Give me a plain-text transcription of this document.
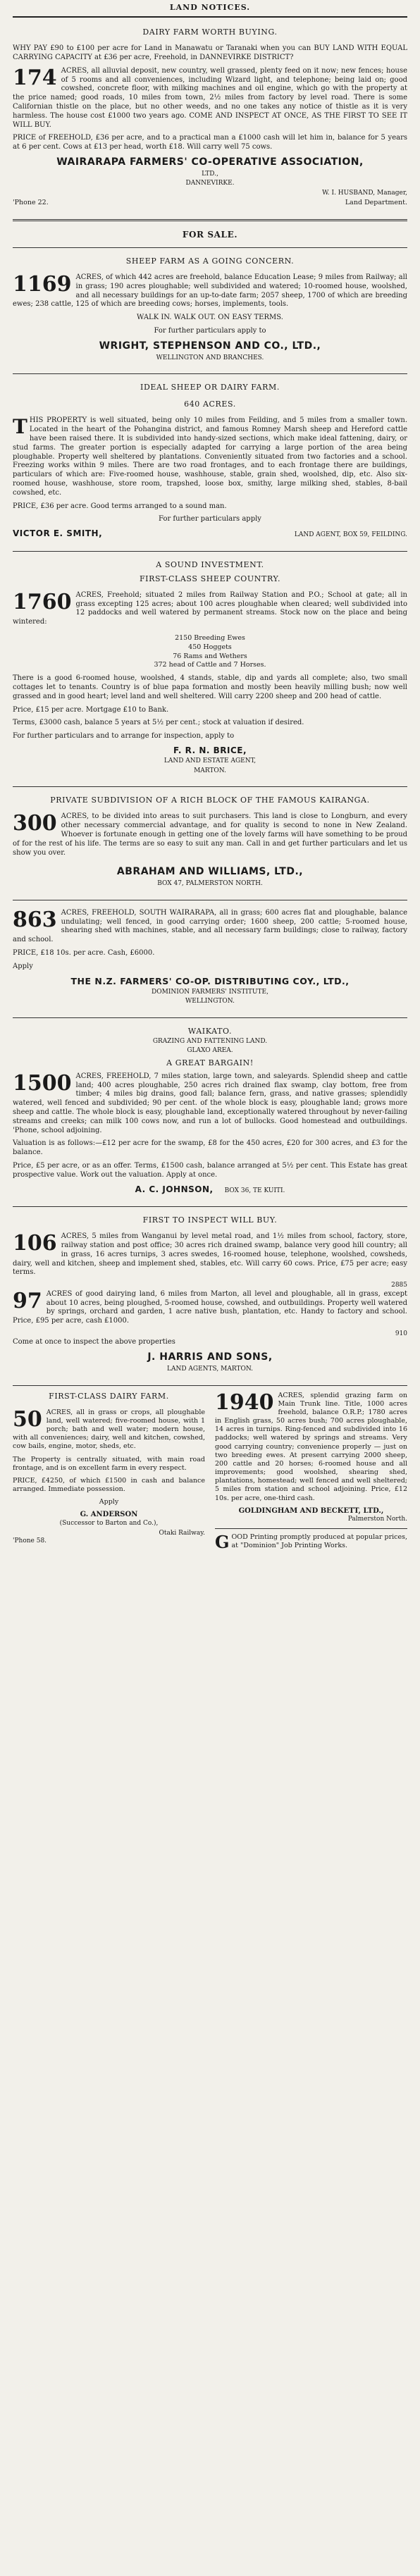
LAND NOTICES.
DAIRY FARM WORTH BUYING.

WHY PAY £90 to £100 per acre for Land in Manawatu or Taranaki when you can BUY LAND WITH EQUAL CARRYING CAPACITY at £36 per acre, Freehold, in DANNEVIRKE DISTRICT?

174 ACRES, all alluvial deposit, new country, well grassed, plenty feed on it now; new fences; house of 5 rooms and all conveniences, including Wizard light, and telephone; being laid on; good cowshed, concrete floor, with milking machines and oil engine, which go with the property at the price named; good roads, 10 miles from town, 2½ miles from factory by level road. There is some Californian thistle on the place, but no other weeds, and no one takes any notice of thistle as it is very harmless. The house cost £1000 two years ago. COME AND INSPECT AT ONCE, AS THE FIRST TO SEE IT WILL BUY.

PRICE of FREEHOLD, £36 per acre, and to a practical man a £1000 cash will let him in, balance for 5 years at 6 per cent. Cows at £13 per head, worth £18. Will carry well 75 cows.

WAIRARAPA FARMERS' CO-OPERATIVE ASSOCIATION,
LTD.,
DANNEVIRKE.
W. I. HUSBAND, Manager,
'Phone 22.	Land Department.
FOR SALE.
SHEEP FARM AS A GOING CONCERN.
1169 ACRES, of which 442 acres are freehold, balance Education Lease; 9 miles from Railway; all in grass; 190 acres ploughable; well subdivided and watered; 10-roomed house, woolshed, and all necessary buildings for an up-to-date farm; 2057 sheep, 1700 of which are breeding ewes; 238 cattle, 125 of which are breeding cows; horses, implements, tools.

WALK IN. WALK OUT. ON EASY TERMS.

For further particulars apply to

WRIGHT, STEPHENSON AND CO., LTD.,
WELLINGTON AND BRANCHES.
IDEAL SHEEP OR DAIRY FARM.
640 ACRES.
T HIS PROPERTY is well situated, being only 10 miles from Feilding, and 5 miles from a smaller town. Located in the heart of the Pohangina district, and famous Romney Marsh sheep and Hereford cattle have been raised there. It is subdivided into handy-sized sections, which make ideal fattening, dairy, or stud farms. The greater portion is especially adapted for carrying a large portion of the area being ploughable. Property well sheltered by plantations. Conveniently situated from two factories and a school. Freezing works within 9 miles. There are two road frontages, and to each frontage there are buildings, particulars of which are: Five-roomed house, washhouse, stable, grain shed, woolshed, dip, etc. Also six-roomed house, washhouse, store room, trapshed, loose box, smithy, large milking shed, stables, 8-bail cowshed, etc.

PRICE, £36 per acre. Good terms arranged to a sound man.

For further particulars apply

VICTOR E. SMITH,	LAND AGENT, BOX 59, FEILDING.
A SOUND INVESTMENT.
FIRST-CLASS SHEEP COUNTRY.
1760 ACRES, Freehold; situated 2 miles from Railway Station and P.O.; School at gate; all in grass excepting 125 acres; about 100 acres ploughable when cleared; well subdivided into 12 paddocks and well watered by permanent streams. Stock now on the place and being wintered:

2150 Breeding Ewes
450 Hoggets
76 Rams and Wethers
372 head of Cattle and 7 Horses.

There is a good 6-roomed house, woolshed, 4 stands, stable, dip and yards all complete; also, two small cottages let to tenants. Country is of blue papa formation and mostly been heavily milling bush; now well grassed and in good heart; level land and well sheltered. Will carry 2200 sheep and 200 head of cattle.

Price, £15 per acre. Mortgage £10 to Bank.

Terms, £3000 cash, balance 5 years at 5½ per cent.; stock at valuation if desired.

For further particulars and to arrange for inspection, apply to

F. R. N. BRICE,
LAND AND ESTATE AGENT,
MARTON.
PRIVATE SUBDIVISION OF A RICH BLOCK OF THE FAMOUS KAIRANGA.
300 ACRES, to be divided into areas to suit purchasers. This land is close to Longburn, and every other necessary commercial advantage, and for quality is second to none in New Zealand. Whoever is fortunate enough in getting one of the lovely farms will have something to be proud of for the rest of his life. The terms are so easy to suit any man. Call in and get further particulars and let us show you over.

ABRAHAM AND WILLIAMS, LTD.,
BOX 47, PALMERSTON NORTH.
863 ACRES, FREEHOLD, SOUTH WAIRARAPA, all in grass; 600 acres flat and ploughable, balance undulating; well fenced, in good carrying order; 1600 sheep, 200 cattle; 5-roomed house, shearing shed with machines, stable, and all necessary farm buildings; close to railway, factory and school.

PRICE, £18 10s. per acre. Cash, £6000.

Apply

THE N.Z. FARMERS' CO-OP. DISTRIBUTING COY., LTD.,
DOMINION FARMERS' INSTITUTE,
WELLINGTON.
WAIKATO.
GRAZING AND FATTENING LAND.
GLAXO AREA.
A GREAT BARGAIN!
1500 ACRES, FREEHOLD, 7 miles station, large town, and saleyards. Splendid sheep and cattle land; 400 acres ploughable, 250 acres rich drained flax swamp, clay bottom, free from timber; 4 miles big drains, good fall; balance fern, grass, and native grasses; splendidly watered, well fenced and subdivided; 90 per cent. of the whole block is easy, ploughable land; grows more sheep and cattle. The whole block is easy, ploughable land, exceptionally watered throughout by never-failing streams and creeks; can milk 100 cows now, and run a lot of bullocks. Good homestead and outbuildings. 'Phone, school adjoining.

Valuation is as follows:—£12 per acre for the swamp, £8 for the 450 acres, £20 for 300 acres, and £3 for the balance.

Price, £5 per acre, or as an offer. Terms, £1500 cash, balance arranged at 5½ per cent. This Estate has great prospective value. Work out the valuation. Apply at once.

A. C. JOHNSON, BOX 36, TE KUITI.
FIRST TO INSPECT WILL BUY.
106 ACRES, 5 miles from Wanganui by level metal road, and 1½ miles from school, factory, store, railway station and post office; 30 acres rich drained swamp, balance very good hill country; all in grass, 16 acres turnips, 3 acres swedes, 16-roomed house, telephone, woolshed, cowsheds, dairy, well and kitchen, sheep and implement shed, stables, etc. Will carry 60 cows. Price, £75 per acre; easy terms.

2885
97 ACRES of good dairying land, 6 miles from Marton, all level and ploughable, all in grass, except about 10 acres, being ploughed, 5-roomed house, cowshed, and outbuildings. Property well watered by springs, orchard and garden, 1 acre native bush, plantation, etc. Handy to factory and school. Price, £95 per acre, cash £1000.

910

Come at once to inspect the above properties

J. HARRIS AND SONS,
LAND AGENTS, MARTON.
FIRST-CLASS DAIRY FARM.
50 ACRES, all in grass or crops, all ploughable land, well watered; five-roomed house, with 1 porch; bath and well water; modern house, with all conveniences; dairy, well and kitchen, cowshed, cow bails, engine, motor, sheds, etc.

The Property is centrally situated, with main road frontage, and is on excellent farm in every respect.

PRICE, £4250, of which £1500 in cash and balance arranged. Immediate possession.

Apply

G. ANDERSON
(Successor to Barton and Co.),
Otaki Railway.
'Phone 58.
1940 ACRES, splendid grazing farm on Main Trunk line. Title, 1000 acres freehold, balance O.R.P.; 1780 acres in English grass, 50 acres bush; 700 acres ploughable, 14 acres in turnips. Ring-fenced and subdivided into 16 paddocks; well watered by springs and streams. Very good carrying country; convenience properly — just on two breeding ewes. At present carrying 2000 sheep, 200 cattle and 20 horses; 6-roomed house and all improvements; good woolshed, shearing shed, plantations, homestead; well fenced and well sheltered; 5 miles from station and school adjoining. Price, £12 10s. per acre, one-third cash.

GOLDINGHAM AND BECKETT, LTD.,
Palmerston North.
G OOD Printing promptly produced at popular prices, at "Dominion" Job Printing Works.
